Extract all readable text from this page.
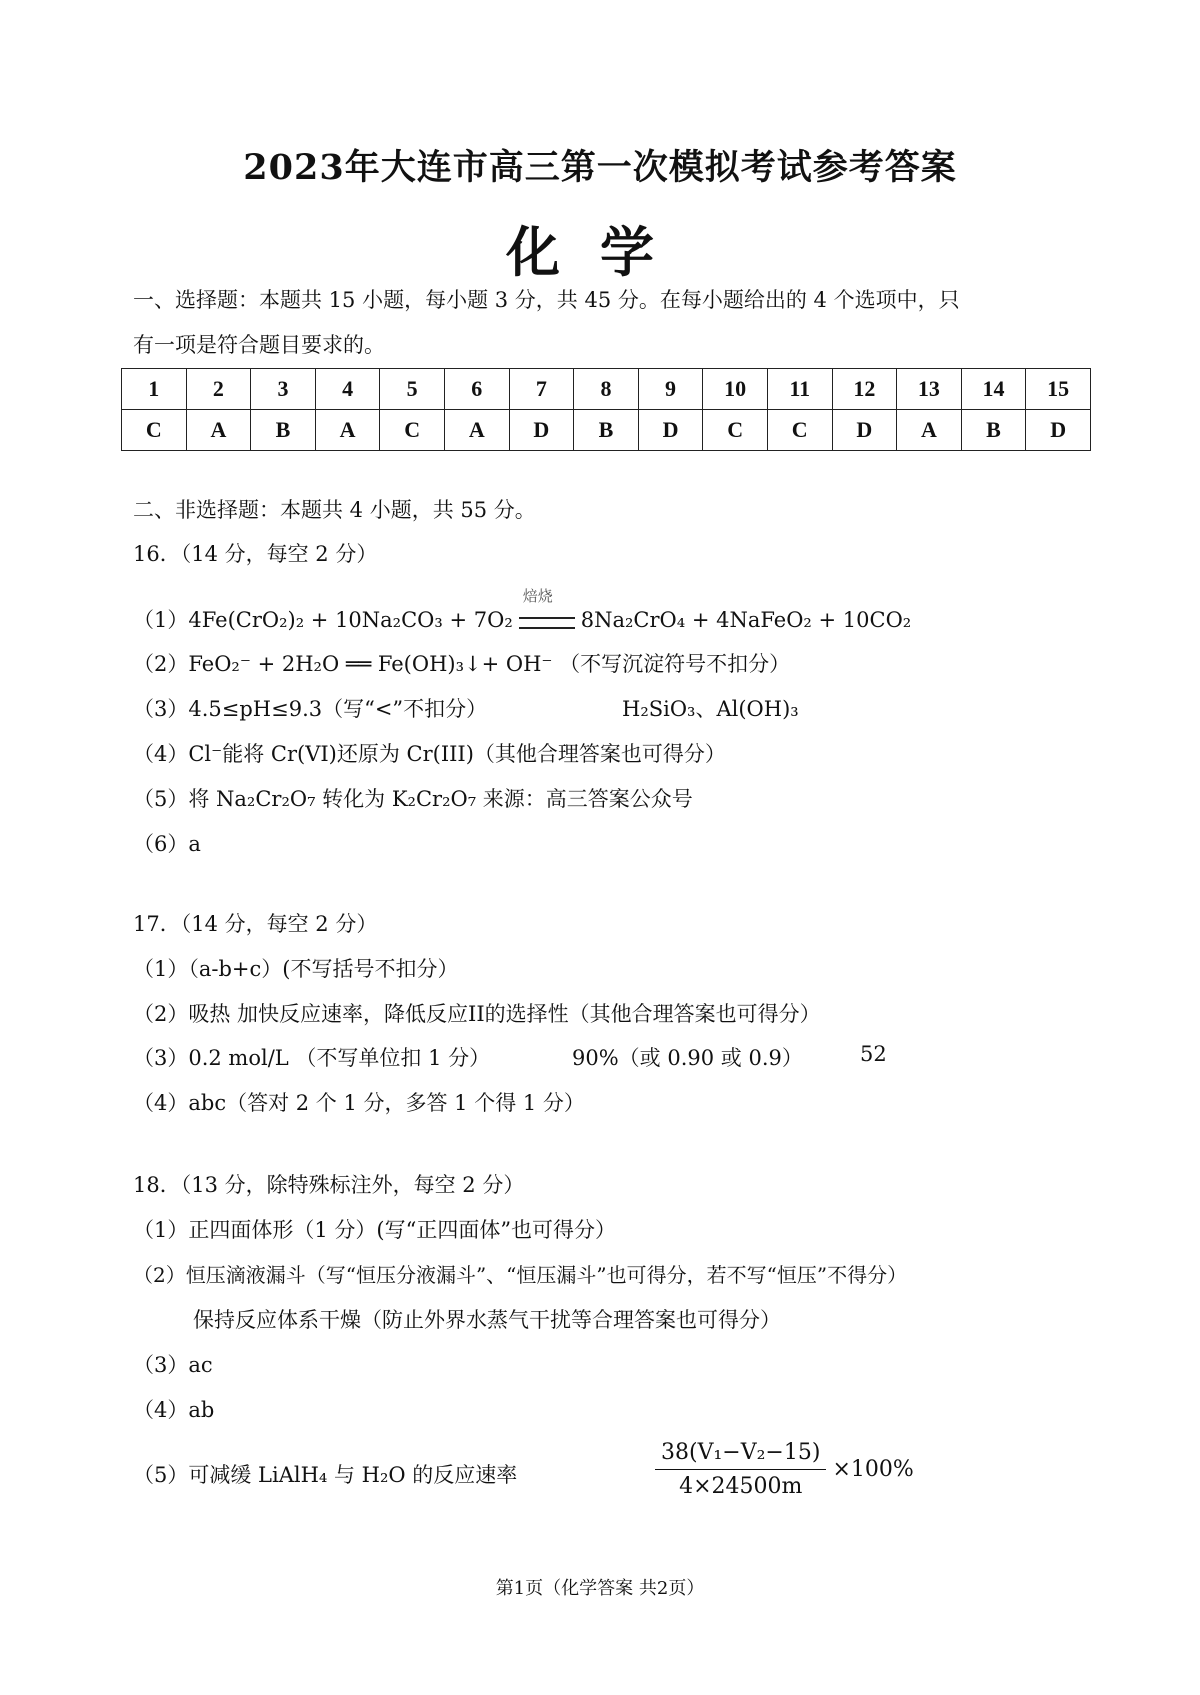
2023年大连市高三第一次模拟考试参考答案
化学
一、选择题：本题共 15 小题，每小题 3 分，共 45 分。在每小题给出的 4 个选项中，只
有一项是符合题目要求的。
1	2	3	4	5	6	7	8	9	10	11	12	13	14	15
C	A	B	A	C	A	D	B	D	C	C	D	A	B	D
二、非选择题：本题共 4 小题，共 55 分。
16．（14 分，每空 2 分）
（1）4Fe(CrO₂)₂ + 10Na₂CO₃ + 7O₂
焙烧
8Na₂CrO₄ + 4NaFeO₂ + 10CO₂
（2）FeO₂⁻ + 2H₂O ══ Fe(OH)₃↓+ OH⁻ （不写沉淀符号不扣分）
（3）4.5≤pH≤9.3（写“<”不扣分）	H₂SiO₃、Al(OH)₃
（4）Cl⁻能将 Cr(VI)还原为 Cr(III)（其他合理答案也可得分）
（5）将 Na₂Cr₂O₇ 转化为 K₂Cr₂O₇ 来源：高三答案公众号
（6）a
17．（14 分，每空 2 分）
（1）（a-b+c）(不写括号不扣分）
（2）吸热 加快反应速率，降低反应II的选择性（其他合理答案也可得分）
（3）0.2 mol/L （不写单位扣 1 分）	90%（或 0.90 或 0.9）	52
（4）abc（答对 2 个 1 分，多答 1 个得 1 分）
18．（13 分，除特殊标注外，每空 2 分）
（1）正四面体形（1 分）(写“正四面体”也可得分）
（2）恒压滴液漏斗（写“恒压分液漏斗”、“恒压漏斗”也可得分，若不写“恒压”不得分）
保持反应体系干燥（防止外界水蒸气干扰等合理答案也可得分）
（3）ac
（4）ab
（5）可减缓 LiAlH₄ 与 H₂O 的反应速率	$\frac{\text{38(V₁−V₂−15)}}{4\times 24500m} \times 100\%$
第1页（化学答案 共2页）
